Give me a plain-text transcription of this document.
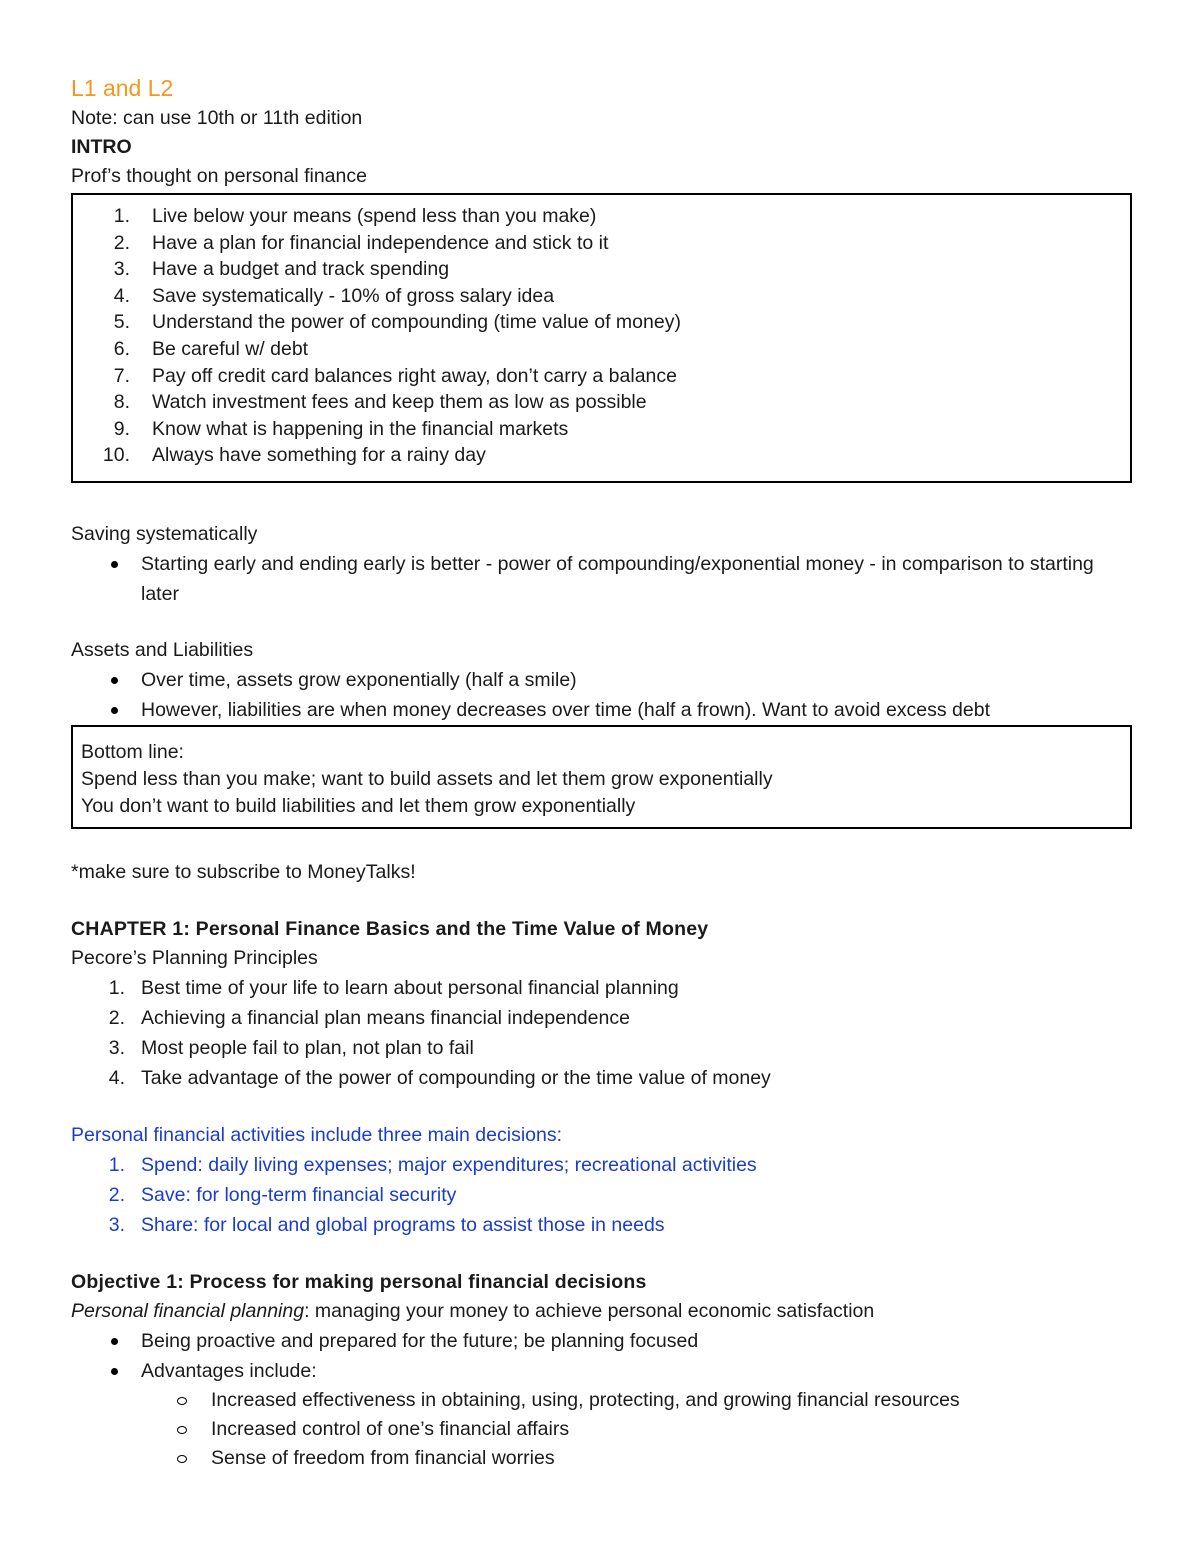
L1 and L2
Note: can use 10th or 11th edition
INTRO
Prof’s thought on personal finance
1. Live below your means (spend less than you make)
2. Have a plan for financial independence and stick to it
3. Have a budget and track spending
4. Save systematically - 10% of gross salary idea
5. Understand the power of compounding (time value of money)
6. Be careful w/ debt
7. Pay off credit card balances right away, don’t carry a balance
8. Watch investment fees and keep them as low as possible
9. Know what is happening in the financial markets
10. Always have something for a rainy day
Saving systematically
Starting early and ending early is better - power of compounding/exponential money - in comparison to starting later
Assets and Liabilities
Over time, assets grow exponentially (half a smile)
However, liabilities are when money decreases over time (half a frown). Want to avoid excess debt
Bottom line:
Spend less than you make; want to build assets and let them grow exponentially
You don’t want to build liabilities and let them grow exponentially
*make sure to subscribe to MoneyTalks!
CHAPTER 1: Personal Finance Basics and the Time Value of Money
Pecore’s Planning Principles
1. Best time of your life to learn about personal financial planning
2. Achieving a financial plan means financial independence
3. Most people fail to plan, not plan to fail
4. Take advantage of the power of compounding or the time value of money
Personal financial activities include three main decisions:
1. Spend: daily living expenses; major expenditures; recreational activities
2. Save: for long-term financial security
3. Share: for local and global programs to assist those in needs
Objective 1: Process for making personal financial decisions
Personal financial planning: managing your money to achieve personal economic satisfaction
Being proactive and prepared for the future; be planning focused
Advantages include:
Increased effectiveness in obtaining, using, protecting, and growing financial resources
Increased control of one’s financial affairs
Sense of freedom from financial worries
